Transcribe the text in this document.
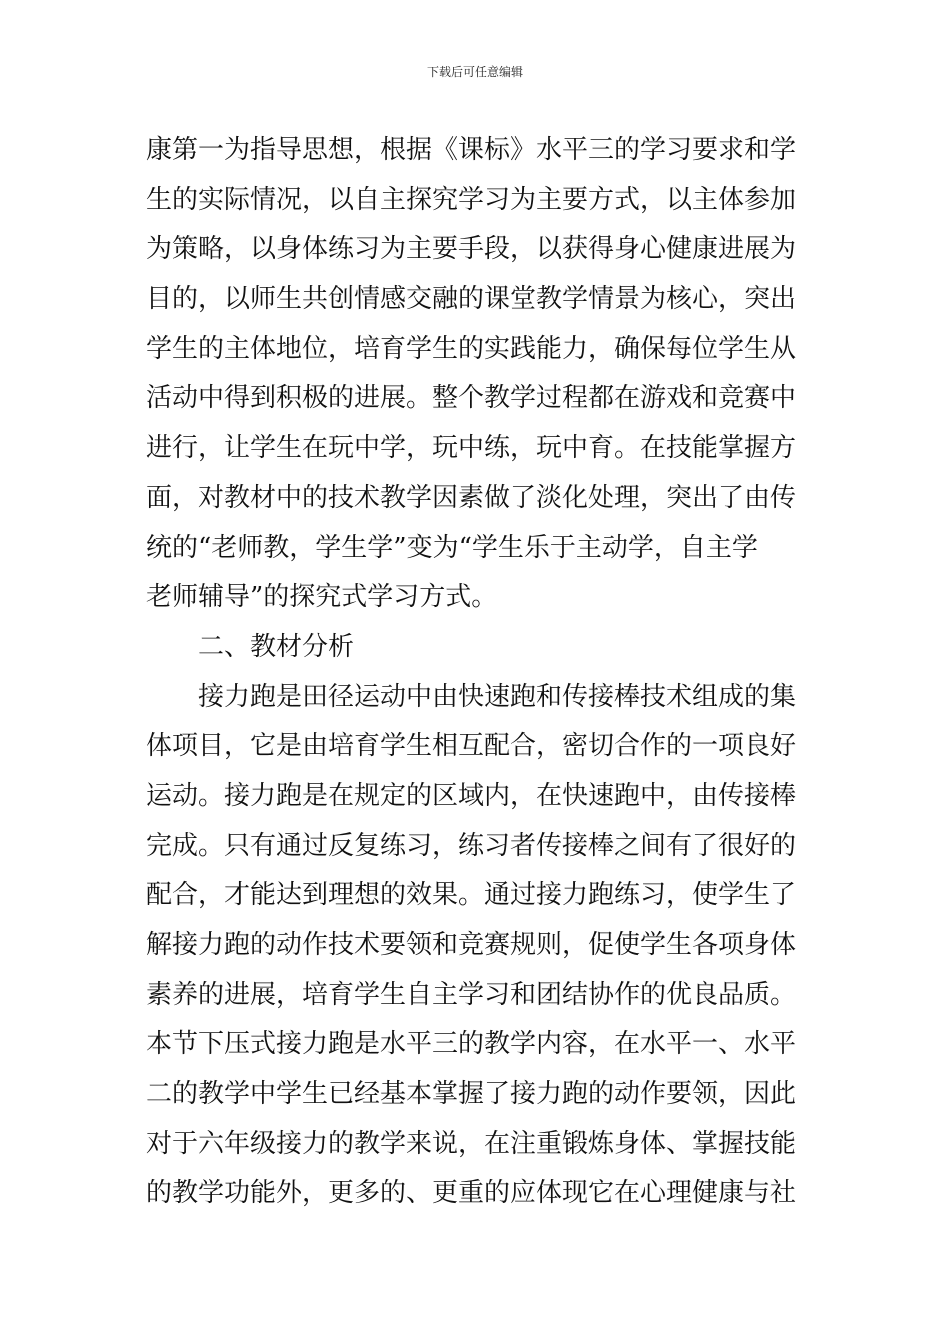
下载后可任意编辑
康第一为指导思想，根据《课标》水平三的学习要求和学
生的实际情况，以自主探究学习为主要方式，以主体参加
为策略，以身体练习为主要手段，以获得身心健康进展为
目的，以师生共创情感交融的课堂教学情景为核心，突出
学生的主体地位，培育学生的实践能力，确保每位学生从
活动中得到积极的进展。整个教学过程都在游戏和竞赛中
进行，让学生在玩中学，玩中练，玩中育。在技能掌握方
面，对教材中的技术教学因素做了淡化处理，突出了由传
统的“老师教，学生学”变为“学生乐于主动学，自主学
老师辅导”的探究式学习方式。
二、教材分析
接力跑是田径运动中由快速跑和传接棒技术组成的集
体项目，它是由培育学生相互配合，密切合作的一项良好
运动。接力跑是在规定的区域内，在快速跑中，由传接棒
完成。只有通过反复练习，练习者传接棒之间有了很好的
配合，才能达到理想的效果。通过接力跑练习，使学生了
解接力跑的动作技术要领和竞赛规则，促使学生各项身体
素养的进展，培育学生自主学习和团结协作的优良品质。
本节下压式接力跑是水平三的教学内容，在水平一、水平
二的教学中学生已经基本掌握了接力跑的动作要领，因此
对于六年级接力的教学来说，在注重锻炼身体、掌握技能
的教学功能外，更多的、更重的应体现它在心理健康与社
